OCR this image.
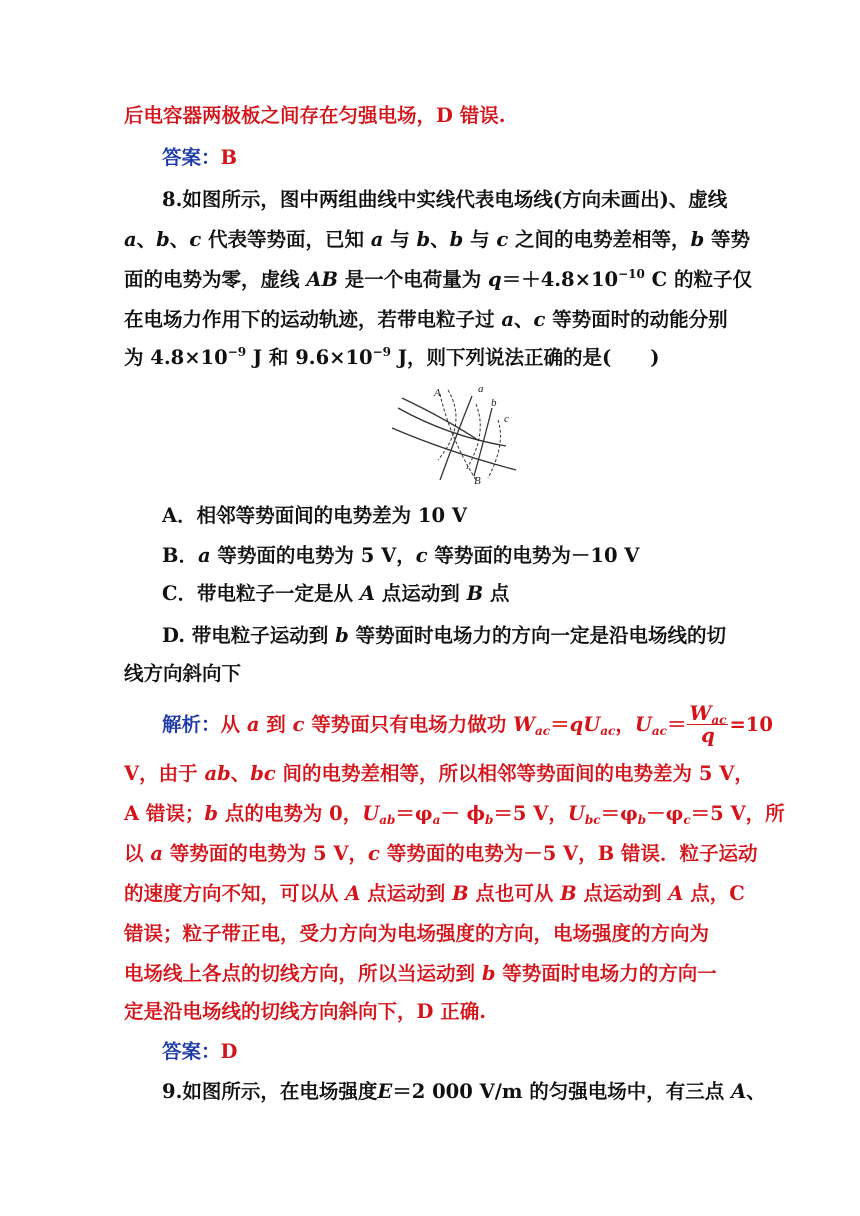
后电容器两极板之间存在匀强电场，D 错误.
答案：B
8.如图所示，图中两组曲线中实线代表电场线(方向未画出)、虚线
a、b、c 代表等势面，已知 a 与 b、b 与 c 之间的电势差相等，b 等势
面的电势为零，虚线 AB 是一个电荷量为 $q=+4.8\times 10^{-10}$ C 的粒子仅
在电场力作用下的运动轨迹，若带电粒子过 a、c 等势面时的动能分别
为 $4.8\times 10^{-9}$ J 和 $9.6\times 10^{-9}$ J，则下列说法正确的是(　　)
A	a
b
c
B
A．相邻等势面间的电势差为 10 V
B．a 等势面的电势为 5 V，c 等势面的电势为－10 V
C．带电粒子一定是从 A 点运动到 B 点
D. 带电粒子运动到 b 等势面时电场力的方向一定是沿电场线的切
线方向斜向下
解析：从 a 到 c 等势面只有电场力做功 $W_{ac}=qU_{ac}$，$U_{ac}= \frac{W_{ac}}{q} =10$
V，由于 ab、bc 间的电势差相等，所以相邻等势面间的电势差为 5 V，
A 错误；b 点的电势为 0，$U_{ab}=\varphi_a- \phi_b=5$ V，$U_{bc}=\varphi_b-\varphi_c=5$ V，所
以 a 等势面的电势为 5 V，c 等势面的电势为－5 V，B 错误．粒子运动
的速度方向不知，可以从 A 点运动到 B 点也可从 B 点运动到 A 点，C
错误；粒子带正电，受力方向为电场强度的方向，电场强度的方向为
电场线上各点的切线方向，所以当运动到 b 等势面时电场力的方向一
定是沿电场线的切线方向斜向下，D 正确.
答案：D
9.如图所示，在电场强度E＝2 000 V/m 的匀强电场中，有三点 A、
